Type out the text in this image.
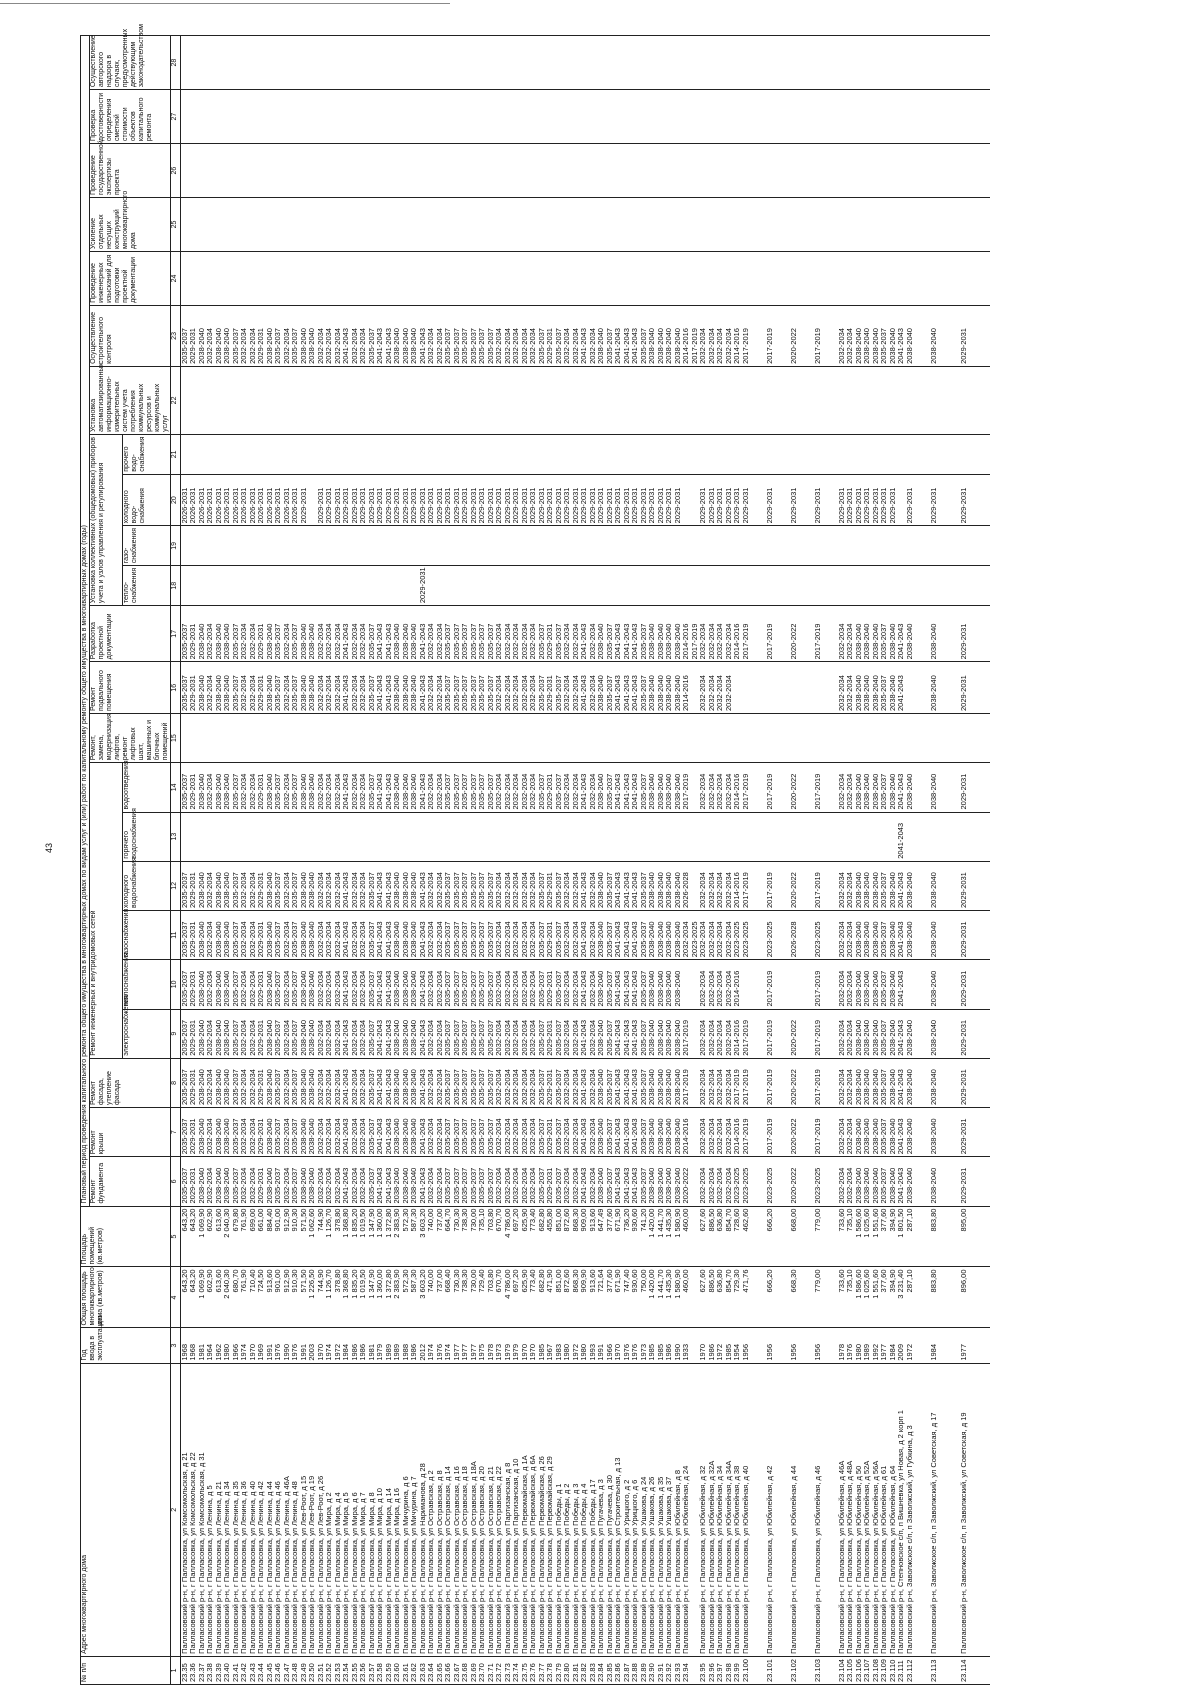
43
№ п/п	Адрес многоквартирного дома	Год ввода в эксплуатацию	Общая площадь многоквартирного дома (кв.метров)	Площадь помещений (кв.метров)	Плановый период проведения капитального ремонта общего имущества в многоквартирных домах по видам услуг и (или) работ по капитальному ремонту общего имущества в многоквартирных домах (годы)																						
					Ремонт фундамента	Ремонт крыши	Ремонт фасада, утепление фасада	Ремонт инженерных и внутридомовых сетей						Ремонт, замена, модернизация лифтов, ремонт лифтовых шахт, машинных и блочных помещений	Ремонт подвального помещения	Разработка проектной документации	Установка коллективных (общедомовых) приборов учета и узлов управления и регулирования				Установка автоматизированных информационно-измерительных систем учета потребления коммунальных ресурсов и коммунальных услуг	Осуществление строительного контроля	Проведение инженерных изысканий для подготовки проектной документации	Усиление отдельных несущих конструкций многоквартирного дома	Проведение государственной экспертизы проекта	Проверка достоверности определения сметной стоимости объектов капитального ремонта	Осуществление авторского надзора в случаях, предусмотренных действующим законодательством
								электроснабжения	теплоснабжения	газоснабжения	холодного водоснабжения	горячего водоснабжения	водоотведения				тепло-снабжения	газо-снабжения	холодного водо-снабжения	прочего водо-снабжения							
1	2	3	4	5	6	7	8	9	10	11	12	13	14	15	16	17	18	19	20	21	22	23	24	25	26	27	28
23.35	Палласовский р-н, г Палласовка, ул Комсомольская, д 21	1968	643,20	643,20	2035-2037	2035-2037	2035-2037	2035-2037	2035-2037	2035-2037	2035-2037		2035-2037		2035-2037	2035-2037			2026-2031			2035-2037					
23.36	Палласовский р-н, г Палласовка, ул Комсомольская, д 22	1968	643,20	643,20	2029-2031	2029-2031	2029-2031	2029-2031	2029-2031	2029-2031	2029-2031		2029-2031		2029-2031	2029-2031			2026-2031			2029-2031					
23.37	Палласовский р-н, г Палласовка, ул Комсомольская, д 31	1981	1 069,90	1 069,90	2038-2040	2038-2040	2038-2040	2038-2040	2038-2040	2038-2040	2038-2040		2038-2040		2038-2040	2038-2040			2026-2031			2038-2040					
23.38	Палласовский р-н, г Палласовка, ул Ленина, д 5	1964	602,90	602,90	2032-2034	2032-2034	2032-2034	2032-2034	2032-2034	2032-2034	2032-2034		2032-2034		2032-2034	2032-2034			2026-2031			2032-2034					
23.39	Палласовский р-н, г Палласовка, ул Ленина, д 21	1962	613,60	613,60	2038-2040	2038-2040	2038-2040	2038-2040	2038-2040	2038-2040	2038-2040		2038-2040		2038-2040	2038-2040			2026-2031			2038-2040					
23.40	Палласовский р-н, г Палласовка, ул Ленина, д 34	1980	2 040,30	2 040,30	2038-2040	2038-2040	2038-2040	2038-2040	2038-2040	2038-2040	2038-2040		2038-2040		2038-2040	2038-2040			2026-2031			2038-2040					
23.41	Палласовский р-н, г Палласовка, ул Ленина, д 35	1966	680,70	679,80	2035-2037	2035-2037	2035-2037	2035-2037	2035-2037	2035-2037	2035-2037		2035-2037		2035-2037	2035-2037			2026-2031			2035-2037					
23.42	Палласовский р-н, г Палласовка, ул Ленина, д 36	1974	761,90	761,90	2032-2034	2032-2034	2032-2034	2032-2034	2032-2034	2032-2034	2032-2034		2032-2034		2032-2034	2032-2034			2026-2031			2032-2034					
23.43	Палласовский р-н, г Палласовка, ул Ленина, д 40	1970	710,40	699,00	2032-2034	2032-2034	2032-2034	2032-2034	2032-2034	2032-2034	2032-2034		2032-2034		2032-2034	2032-2034			2026-2031			2032-2034					
23.44	Палласовский р-н, г Палласовка, ул Ленина, д 42	1969	724,50	661,00	2029-2031	2029-2031	2029-2031	2029-2031	2029-2031	2029-2031	2029-2031		2029-2031		2029-2031	2029-2031			2026-2031			2029-2031					
23.45	Палласовский р-н, г Палласовка, ул Ленина, д 44	1991	913,60	884,40	2038-2040	2038-2040	2038-2040	2038-2040	2038-2040	2038-2040	2038-2040		2038-2040		2038-2040	2038-2040			2026-2031			2038-2040					
23.46	Палласовский р-н, г Палласовка, ул Ленина, д 46	1976	901,00	901,00	2035-2037	2035-2037	2035-2037	2035-2037	2035-2037	2035-2037	2035-2037		2035-2037		2035-2037	2035-2037			2026-2031			2035-2037					
23.47	Палласовский р-н, г Палласовка, ул Ленина, д 46А	1990	912,90	912,90	2032-2034	2032-2034	2032-2034	2032-2034	2032-2034	2032-2034	2032-2034		2032-2034		2032-2034	2032-2034			2026-2031			2032-2034					
23.48	Палласовский р-н, г Палласовка, ул Ленина, д 48	1976	910,30	910,30	2035-2037	2035-2037	2035-2037	2035-2037	2035-2037	2035-2037	2035-2037		2035-2037		2035-2037	2035-2037			2026-2031			2035-2037					
23.49	Палласовский р-н, г Палласовка, ул Лев-Роот, д 15	1991	571,50	571,50	2038-2040	2038-2040	2038-2040	2038-2040	2038-2040	2038-2040	2038-2040		2038-2040		2038-2040	2038-2040			2029-2031			2038-2040					
23.50	Палласовский р-н, г Палласовка, ул Лев-Роот, д 19	2003	1 226,50	1 062,60	2038-2040	2038-2040	2038-2040	2038-2040	2038-2040	2038-2040	2038-2040		2038-2040		2038-2040	2038-2040						2038-2040					
23.51	Палласовский р-н, г Палласовка, ул Лев-Роот, д 26	1970	744,90	744,90	2032-2034	2032-2034	2032-2034	2032-2034	2032-2034	2032-2034	2032-2034		2032-2034		2032-2034	2032-2034			2029-2031			2032-2034					
23.52	Палласовский р-н, г Палласовка, ул Мира, д 2	1974	1 126,70	1 126,70	2032-2034	2032-2034	2032-2034	2032-2034	2032-2034	2032-2034	2032-2034		2032-2034		2032-2034	2032-2034			2029-2031			2032-2034					
23.53	Палласовский р-н, г Палласовка, ул Мира, д 4	1972	378,80	378,80	2032-2034	2032-2034	2032-2034	2032-2034	2032-2034	2032-2034	2032-2034		2032-2034		2032-2034	2032-2034			2029-2031			2032-2034					
23.54	Палласовский р-н, г Палласовка, ул Мира, д 5	1984	1 368,80	1 368,80	2041-2043	2041-2043	2041-2043	2041-2043	2041-2043	2041-2043	2041-2043		2041-2043		2041-2043	2041-2043			2029-2031			2041-2043					
23.55	Палласовский р-н, г Палласовка, ул Мира, д 6	1986	1 835,20	1 835,20	2032-2034	2032-2034	2032-2034	2032-2034	2032-2034	2032-2034	2032-2034		2032-2034		2032-2034	2032-2034			2029-2031			2032-2034					
23.56	Палласовский р-н, г Палласовка, ул Мира, д 7	1986	1 019,50	1 019,50	2032-2034	2032-2034	2032-2034	2032-2034	2032-2034	2032-2034	2032-2034		2032-2034		2032-2034	2032-2034			2029-2031			2032-2034					
23.57	Палласовский р-н, г Палласовка, ул Мира, д 8	1981	1 347,90	1 347,90	2035-2037	2035-2037	2035-2037	2035-2037	2035-2037	2035-2037	2035-2037		2035-2037		2035-2037	2035-2037			2029-2031			2035-2037					
23.58	Палласовский р-н, г Палласовка, ул Мира, д 10	1979	1 360,00	1 360,00	2041-2043	2041-2043	2041-2043	2041-2043	2041-2043	2041-2043	2041-2043		2041-2043		2041-2043	2041-2043			2029-2031			2041-2043					
23.59	Палласовский р-н, г Палласовка, ул Мира, д 14	1989	1 372,80	1 372,80	2041-2043	2041-2043	2041-2043	2041-2043	2041-2043	2041-2043	2041-2043		2041-2043		2041-2043	2041-2043			2029-2031			2041-2043					
23.60	Палласовский р-н, г Палласовка, ул Мира, д 16	1989	2 383,90	2 383,90	2038-2040	2038-2040	2038-2040	2038-2040	2038-2040	2038-2040	2038-2040		2038-2040		2038-2040	2038-2040			2029-2031			2038-2040					
23.61	Палласовский р-н, г Палласовка, ул Мичурина, д 6	1988	572,30	572,30	2038-2040	2038-2040	2038-2040	2038-2040	2038-2040	2038-2040	2038-2040		2038-2040		2038-2040	2038-2040			2029-2031			2038-2040					
23.62	Палласовский р-н, г Палласовка, ул Мичурина, д 7	1986	587,30	587,30	2038-2040	2038-2040	2038-2040	2038-2040	2038-2040	2038-2040	2038-2040		2038-2040		2038-2040	2038-2040			2029-2031			2038-2040					
23.63	Палласовский р-н, г Палласовка, ул Нариманова, д 28	2012	3 603,20	3 603,20	2041-2043	2041-2043	2041-2043	2041-2043	2041-2043	2041-2043	2041-2043		2041-2043		2041-2043	2041-2043	2029-2031		2029-2031			2041-2043					
23.64	Палласовский р-н, г Палласовка, ул Остравская, д 2	1974	740,00	740,00	2032-2034	2032-2034	2032-2034	2032-2034	2032-2034	2032-2034	2032-2034		2032-2034		2032-2034	2032-2034			2029-2031			2032-2034					
23.65	Палласовский р-н, г Палласовка, ул Остравская, д 8	1976	737,00	737,00	2032-2034	2032-2034	2032-2034	2032-2034	2032-2034	2032-2034	2032-2034		2032-2034		2032-2034	2032-2034			2029-2031			2032-2034					
23.66	Палласовский р-н, г Палласовка, ул Остравская, д 14	1974	668,40	664,70	2035-2037	2035-2037	2035-2037	2035-2037	2035-2037	2035-2037	2035-2037		2035-2037		2035-2037	2035-2037			2029-2031			2035-2037					
23.67	Палласовский р-н, г Палласовка, ул Остравская, д 16	1977	730,30	730,30	2035-2037	2035-2037	2035-2037	2035-2037	2035-2037	2035-2037	2035-2037		2035-2037		2035-2037	2035-2037			2029-2031			2035-2037					
23.68	Палласовский р-н, г Палласовка, ул Остравская, д 18	1977	738,30	738,30	2035-2037	2035-2037	2035-2037	2035-2037	2035-2037	2035-2037	2035-2037		2035-2037		2035-2037	2035-2037			2029-2031			2035-2037					
23.69	Палласовский р-н, г Палласовка, ул Остравская, д 18А	1977	730,00	730,00	2035-2037	2035-2037	2035-2037	2035-2037	2035-2037	2035-2037	2035-2037		2035-2037		2035-2037	2035-2037			2029-2031			2035-2037					
23.70	Палласовский р-н, г Палласовка, ул Остравская, д 20	1975	729,40	735,10	2035-2037	2035-2037	2035-2037	2035-2037	2035-2037	2035-2037	2035-2037		2035-2037		2035-2037	2035-2037			2029-2031			2035-2037					
23.71	Палласовский р-н, г Палласовка, ул Остравская, д 21	1978	703,80	703,80	2035-2037	2035-2037	2035-2037	2035-2037	2035-2037	2035-2037	2035-2037		2035-2037		2035-2037	2035-2037			2029-2031			2035-2037					
23.72	Палласовский р-н, г Палласовка, ул Остравская, д 22	1973	670,70	670,70	2032-2034	2032-2034	2032-2034	2032-2034	2032-2034	2032-2034	2032-2034		2032-2034		2032-2034	2032-2034			2029-2031			2032-2034					
23.73	Палласовский р-н, г Палласовка, ул Партизанская, д 8	1979	4 786,00	4 786,00	2032-2034	2032-2034	2032-2034	2032-2034	2032-2034	2032-2034	2032-2034		2032-2034		2032-2034	2032-2034			2029-2031			2032-2034					
23.74	Палласовский р-н, г Палласовка, ул Партизанская, д 10	1979	697,20	697,20	2032-2034	2032-2034	2032-2034	2032-2034	2032-2034	2032-2034	2032-2034		2032-2034		2032-2034	2032-2034			2029-2031			2032-2034					
23.75	Палласовский р-н, г Палласовка, ул Первомайская, д 1А	1970	625,90	625,90	2032-2034	2032-2034	2032-2034	2032-2034	2032-2034	2032-2034	2032-2034		2032-2034		2032-2034	2032-2034			2029-2031			2032-2034					
23.76	Палласовский р-н, г Палласовка, ул Первомайская, д 6А	1970	773,40	773,40	2032-2034	2032-2034	2032-2034	2032-2034	2032-2034	2032-2034	2032-2034		2032-2034		2032-2034	2032-2034			2029-2031			2032-2034					
23.77	Палласовский р-н, г Палласовка, ул Первомайская, д 26	1985	682,80	682,80	2035-2037	2035-2037	2035-2037	2035-2037	2035-2037	2035-2037	2035-2037		2035-2037		2035-2037	2035-2037			2029-2031			2035-2037					
23.78	Палласовский р-н, г Палласовка, ул Первомайская, д 29	1967	471,90	455,80	2029-2031	2029-2031	2029-2031	2029-2031	2029-2031	2029-2031	2029-2031		2029-2031		2029-2031	2029-2031			2029-2031			2029-2031					
23.79	Палласовский р-н, г Палласовка, ул Победы, д 1	1983	851,00	851,00	2035-2037	2035-2037	2035-2037	2035-2037	2035-2037	2035-2037	2035-2037		2035-2037		2035-2037	2035-2037			2029-2031			2035-2037					
23.80	Палласовский р-н, г Палласовка, ул Победы, д 2	1980	872,60	872,60	2032-2034	2032-2034	2032-2034	2032-2034	2032-2034	2032-2034	2032-2034		2032-2034		2032-2034	2032-2034			2029-2031			2032-2034					
23.81	Палласовский р-н, г Палласовка, ул Победы, д 3	1972	868,30	868,30	2032-2034	2032-2034	2032-2034	2032-2034	2032-2034	2032-2034	2032-2034		2032-2034		2032-2034	2032-2034			2029-2031			2032-2034					
23.82	Палласовский р-н, г Палласовка, ул Победы, д 4	1980	909,90	909,00	2041-2043	2041-2043	2041-2043	2041-2043	2041-2043	2041-2043	2041-2043		2041-2043		2041-2043	2041-2043			2029-2031			2041-2043					
23.83	Палласовский р-н, г Палласовка, ул Победы, д 17	1993	913,60	913,60	2032-2034	2032-2034	2032-2034	2032-2034	2032-2034	2032-2034	2032-2034		2032-2034		2032-2034	2032-2034			2029-2031			2032-2034					
23.84	Палласовский р-н, г Палласовка, ул Пугачева, д 3	1991	721,64	647,49	2038-2040	2038-2040	2038-2040	2038-2040	2038-2040	2038-2040	2038-2040		2038-2040		2038-2040	2038-2040			2029-2031			2038-2040					
23.85	Палласовский р-н, г Палласовка, ул Пугачева, д 30	1966	377,60	377,60	2035-2037	2035-2037	2035-2037	2035-2037	2035-2037	2035-2037	2035-2037		2035-2037		2035-2037	2035-2037			2029-2031			2035-2037					
23.86	Палласовский р-н, г Палласовка, ул Строительная, д 13	1970	671,90	671,90	2041-2043	2041-2043	2041-2043	2041-2043	2041-2043	2041-2043	2041-2043		2041-2043		2041-2043	2041-2043			2029-2031			2041-2043					
23.87	Палласовский р-н, г Палласовка, ул Урицкого, д 2	1976	747,40	736,20	2041-2043	2041-2043	2041-2043	2041-2043	2041-2043	2041-2043	2041-2043		2041-2043		2041-2043	2041-2043			2029-2031			2041-2043					
23.88	Палласовский р-н, г Палласовка, ул Урицкого, д 6	1976	930,60	930,60	2041-2043	2041-2043	2041-2043	2041-2043	2041-2043	2041-2043	2041-2043		2041-2043		2041-2043	2041-2043			2029-2031			2041-2043					
23.89	Палласовский р-н, г Палласовка, ул Ушакова, д 24	1973	750,00	741,20	2035-2037	2035-2037	2035-2037	2035-2037	2035-2037	2035-2037	2035-2037		2035-2037		2035-2037	2035-2037			2029-2031			2035-2037					
23.90	Палласовский р-н, г Палласовка, ул Ушакова, д 26	1985	1 420,00	1 420,00	2038-2040	2038-2040	2038-2040	2038-2040	2038-2040	2038-2040	2038-2040		2038-2040		2038-2040	2038-2040			2029-2031			2038-2040					
23.91	Палласовский р-н, г Палласовка, ул Ушакова, д 35	1985	1 441,70	1 441,70	2038-2040	2038-2040	2038-2040	2038-2040	2038-2040	2038-2040	2038-2040		2038-2040		2038-2040	2038-2040			2029-2031			2038-2040					
23.92	Палласовский р-н, г Палласовка, ул Ушакова, д 37	1986	1 435,30	1 435,30	2038-2040	2038-2040	2038-2040	2038-2040	2038-2040	2038-2040	2038-2040		2038-2040		2038-2040	2038-2040			2029-2031			2038-2040					
23.93	Палласовский р-н, г Палласовка, ул Юбилейная, д 8	1990	1 580,90	1 580,90	2038-2040	2038-2040	2038-2040	2038-2040	2038-2040	2038-2040	2038-2040		2038-2040		2038-2040	2038-2040			2029-2031			2038-2040					
23.94	Палласовский р-н, г Палласовка, ул Юбилейная, д 24	1933	460,00	460,00	2020-2022	2014-2016	2017-2019	2017-2019		2032-2034	2026-2028		2017-2019		2014-2016	2014-2016						2014-2016					
										2023-2025						2017-2019						2017-2019					
23.95	Палласовский р-н, г Палласовка, ул Юбилейная, д 32	1970	627,60	627,60	2032-2034	2032-2034	2032-2034	2032-2034	2032-2034	2032-2034	2032-2034		2032-2034		2032-2034	2032-2034			2029-2031			2032-2034					
23.96	Палласовский р-н, г Палласовка, ул Юбилейная, д 32А	1986	886,50	886,50	2032-2034	2032-2034	2032-2034	2032-2034	2032-2034	2032-2034	2032-2034		2032-2034		2032-2034	2032-2034			2029-2031			2032-2034					
23.97	Палласовский р-н, г Палласовка, ул Юбилейная, д 34	1972	636,80	636,80	2032-2034	2032-2034	2032-2034	2032-2034	2032-2034	2032-2034	2032-2034		2032-2034		2032-2034	2032-2034			2029-2031			2032-2034					
23.98	Палласовский р-н, г Палласовка, ул Юбилейная, д 34А	1985	854,70	854,70	2032-2034	2032-2034	2032-2034	2032-2034	2032-2034	2032-2034	2032-2034		2032-2034		2032-2034	2032-2034			2029-2031			2032-2034					
23.99	Палласовский р-н, г Палласовка, ул Юбилейная, д 38	1954	729,30	728,60	2023-2025	2014-2016	2017-2019	2014-2016	2014-2016	2023-2025	2014-2016		2014-2016			2014-2016			2029-2031			2014-2016					
23.100	Палласовский р-н, г Палласовка, ул Юбилейная, д 40	1956	471,76	462,60	2023-2025	2017-2019	2017-2019	2017-2019		2023-2025	2017-2019		2017-2019			2017-2019			2029-2031			2017-2019					
23.101	Палласовский р-н, г Палласовка, ул Юбилейная, д 42	1956	666,20	666,20	2023-2025	2017-2019	2017-2019	2017-2019	2017-2019	2023-2025	2017-2019		2017-2019			2017-2019			2029-2031			2017-2019					
23.102	Палласовский р-н, г Палласовка, ул Юбилейная, д 44	1956	668,30	668,00	2020-2022	2020-2022	2020-2022	2020-2022		2026-2028	2020-2022		2020-2022			2020-2022			2029-2031			2020-2022					
23.103	Палласовский р-н, г Палласовка, ул Юбилейная, д 46	1956	779,00	779,00	2023-2025	2017-2019	2017-2019	2017-2019	2017-2019	2023-2025	2017-2019		2017-2019			2017-2019			2029-2031			2017-2019					
23.104	Палласовский р-н, г Палласовка, ул Юбилейная, д 46А	1978	733,60	733,60	2032-2034	2032-2034	2032-2034	2032-2034	2032-2034	2032-2034	2032-2034		2032-2034		2032-2034	2032-2034			2029-2031			2032-2034					
23.105	Палласовский р-н, г Палласовка, ул Юбилейная, д 48А	1976	735,10	735,10	2032-2034	2032-2034	2032-2034	2032-2034	2032-2034	2032-2034	2032-2034		2032-2034		2032-2034	2032-2034			2029-2031			2032-2034					
23.106	Палласовский р-н, г Палласовка, ул Юбилейная, д 50	1980	1 586,60	1 586,60	2038-2040	2038-2040	2038-2040	2038-2040	2038-2040	2038-2040	2038-2040		2038-2040		2038-2040	2038-2040			2029-2031			2038-2040					
23.107	Палласовский р-н, г Палласовка, ул Юбилейная, д 52А	1989	1 025,60	1 025,60	2038-2040	2038-2040	2038-2040	2038-2040	2038-2040	2038-2040	2038-2040		2038-2040		2038-2040	2038-2040			2029-2031			2038-2040					
23.108	Палласовский р-н, г Палласовка, ул Юбилейная, д 56А	1992	1 551,60	1 551,60	2038-2040	2038-2040	2038-2040	2038-2040	2038-2040	2038-2040	2038-2040		2038-2040		2038-2040	2038-2040			2029-2031			2038-2040					
23.109	Палласовский р-н, г Палласовка, ул Юбилейная, д 61	1977	377,60	377,60	2035-2037	2035-2037	2035-2037	2035-2037	2035-2037	2035-2037	2035-2037		2035-2037		2035-2037	2035-2037			2029-2031			2035-2037					
23.110	Палласовский р-н, г Палласовка, ул Юбилейная, д 64	1984	394,90	394,90	2038-2040	2038-2040	2038-2040	2038-2040	2038-2040	2038-2040	2038-2040		2038-2040		2038-2040	2038-2040			2029-2031			2038-2040					
23.111	Палласовский р-н, Степновское с/п, п Вишневка, ул Новая, д 2 корп 1	2009	3 231,40	1 801,50	2041-2043	2041-2043	2041-2043	2041-2043	2041-2043	2041-2043	2041-2043	2041-2043	2041-2043		2041-2043	2041-2043						2041-2043					
23.112	Палласовский р-н, Заволжское с/п, п Заволжский, ул Губкина, д 3	1972	287,10	287,10	2038-2040	2038-2040	2038-2040	2038-2040		2038-2040	2038-2040		2038-2040			2038-2040			2029-2031			2038-2040					
23.113	Палласовский р-н, Заволжское с/п, п Заволжский, ул Советская, д 17	1984	883,80	883,80	2038-2040	2038-2040	2038-2040	2038-2040	2038-2040	2038-2040	2038-2040		2038-2040		2038-2040	2038-2040			2029-2031			2038-2040					
23.114	Палласовский р-н, Заволжское с/п, п Заволжский, ул Советская, д 19	1977	896,00	895,00	2029-2031	2029-2031	2029-2031	2029-2031	2029-2031	2029-2031	2029-2031		2029-2031		2029-2031	2029-2031			2029-2031			2029-2031					
